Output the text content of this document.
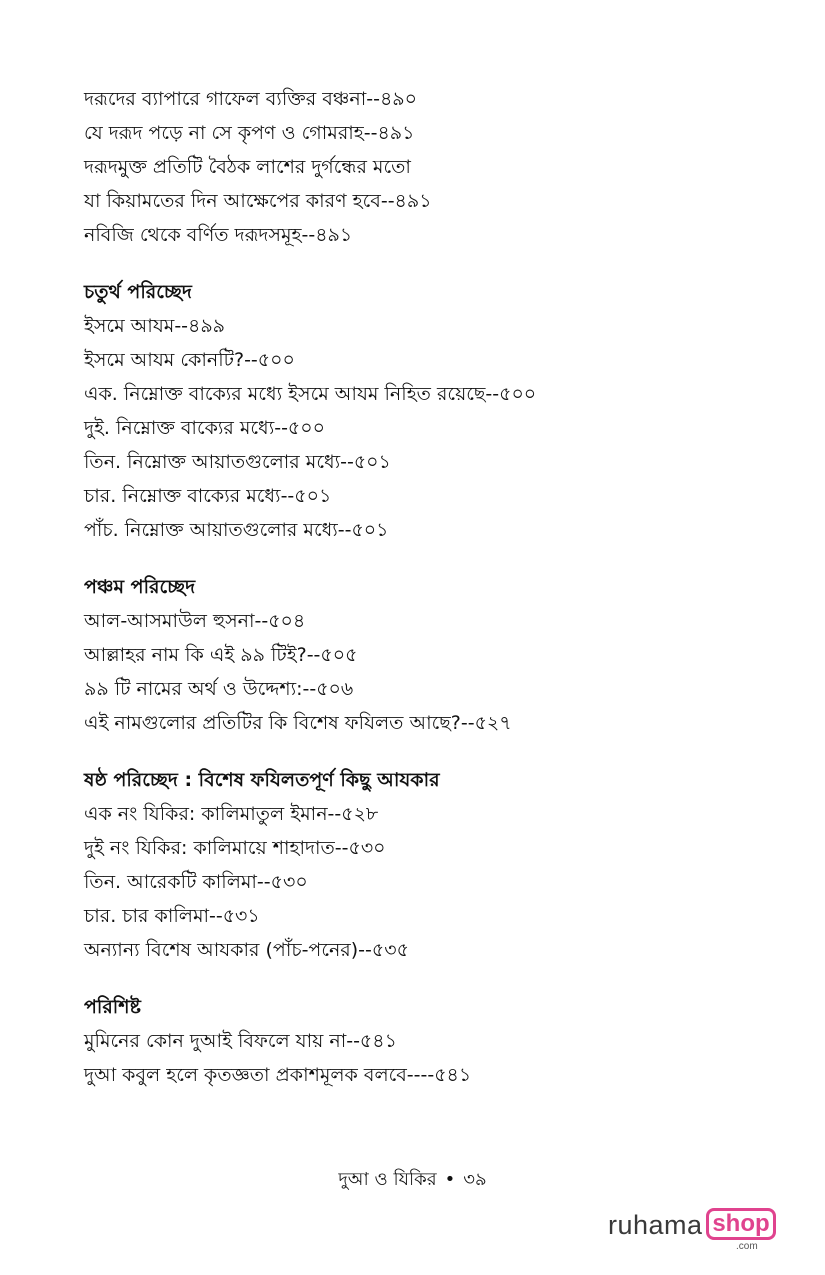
দরূদের ব্যাপারে গাফেল ব্যক্তির বঞ্চনা--৪৯০
যে দরূদ পড়ে না সে কৃপণ ও গোমরাহ--৪৯১
দরূদমুক্ত প্রতিটি বৈঠক লাশের দুর্গন্ধের মতো
যা কিয়ামতের দিন আক্ষেপের কারণ হবে--৪৯১
নবিজি থেকে বর্ণিত দরূদসমূহ--৪৯১
চতুর্থ পরিচ্ছেদ
ইসমে আযম--৪৯৯
ইসমে আযম কোনটি?--৫০০
এক. নিম্নোক্ত বাক্যের মধ্যে ইসমে আযম নিহিত রয়েছে--৫০০
দুই. নিম্নোক্ত বাক্যের মধ্যে--৫০০
তিন. নিম্নোক্ত আয়াতগুলোর মধ্যে--৫০১
চার. নিম্নোক্ত বাক্যের মধ্যে--৫০১
পাঁচ. নিম্নোক্ত আয়াতগুলোর মধ্যে--৫০১
পঞ্চম পরিচ্ছেদ
আল-আসমাউল হুসনা--৫০৪
আল্লাহর নাম কি এই ৯৯ টিই?--৫০৫
৯৯ টি নামের অর্থ ও উদ্দেশ্য:--৫০৬
এই নামগুলোর প্রতিটির কি বিশেষ ফযিলত আছে?--৫২৭
ষষ্ঠ পরিচ্ছেদ : বিশেষ ফযিলতপূর্ণ কিছু আযকার
এক নং যিকির: কালিমাতুল ইমান--৫২৮
দুই নং যিকির: কালিমায়ে শাহাদাত--৫৩০
তিন. আরেকটি কালিমা--৫৩০
চার. চার কালিমা--৫৩১
অন্যান্য বিশেষ আযকার (পাঁচ-পনের)--৫৩৫
পরিশিষ্ট
মুমিনের কোন দুআই বিফলে যায় না--৫৪১
দুআ কবুল হলে কৃতজ্ঞতা প্রকাশমূলক বলবে----৫৪১
দুআ ও যিকির • ৩৯
ruhama shop
.com
